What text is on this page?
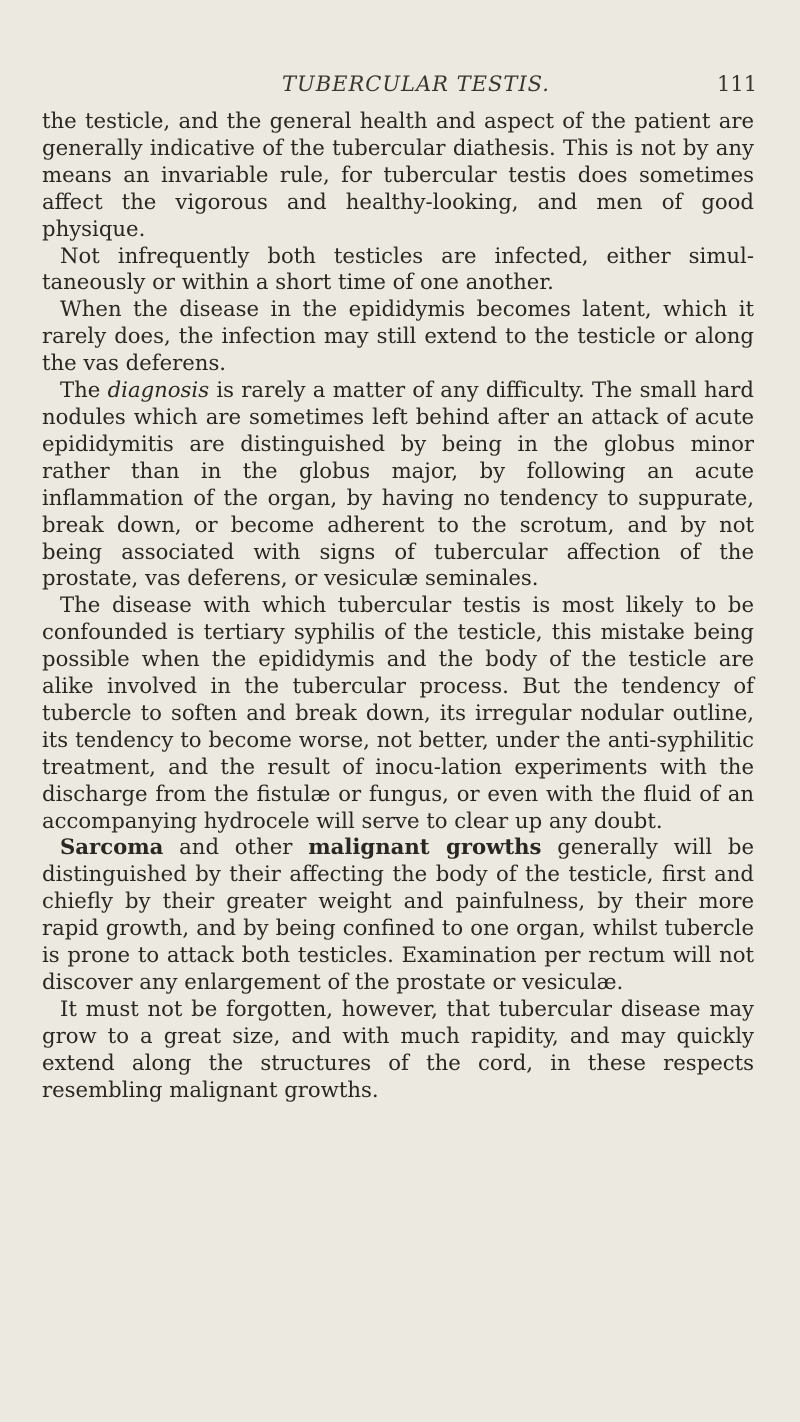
TUBERCULAR TESTIS.	111

the testicle, and the general health and aspect of the patient are generally indicative of the tubercular diathesis. This is not by any means an invariable rule, for tubercular testis does sometimes affect the vigorous and healthy-looking, and men of good physique.

Not infrequently both testicles are infected, either simul-taneously or within a short time of one another.

When the disease in the epididymis becomes latent, which it rarely does, the infection may still extend to the testicle or along the vas deferens.

The diagnosis is rarely a matter of any difficulty. The small hard nodules which are sometimes left behind after an attack of acute epididymitis are distinguished by being in the globus minor rather than in the globus major, by following an acute inflammation of the organ, by having no tendency to suppurate, break down, or become adherent to the scrotum, and by not being associated with signs of tubercular affection of the prostate, vas deferens, or vesiculæ seminales.

The disease with which tubercular testis is most likely to be confounded is tertiary syphilis of the testicle, this mistake being possible when the epididymis and the body of the testicle are alike involved in the tubercular process. But the tendency of tubercle to soften and break down, its irregular nodular outline, its tendency to become worse, not better, under the anti-syphilitic treatment, and the result of inocu-lation experiments with the discharge from the fistulæ or fungus, or even with the fluid of an accompanying hydrocele will serve to clear up any doubt.

Sarcoma and other malignant growths generally will be distinguished by their affecting the body of the testicle, first and chiefly by their greater weight and painfulness, by their more rapid growth, and by being confined to one organ, whilst tubercle is prone to attack both testicles. Examination per rectum will not discover any enlargement of the prostate or vesiculæ.

It must not be forgotten, however, that tubercular disease may grow to a great size, and with much rapidity, and may quickly extend along the structures of the cord, in these respects resembling malignant growths.
